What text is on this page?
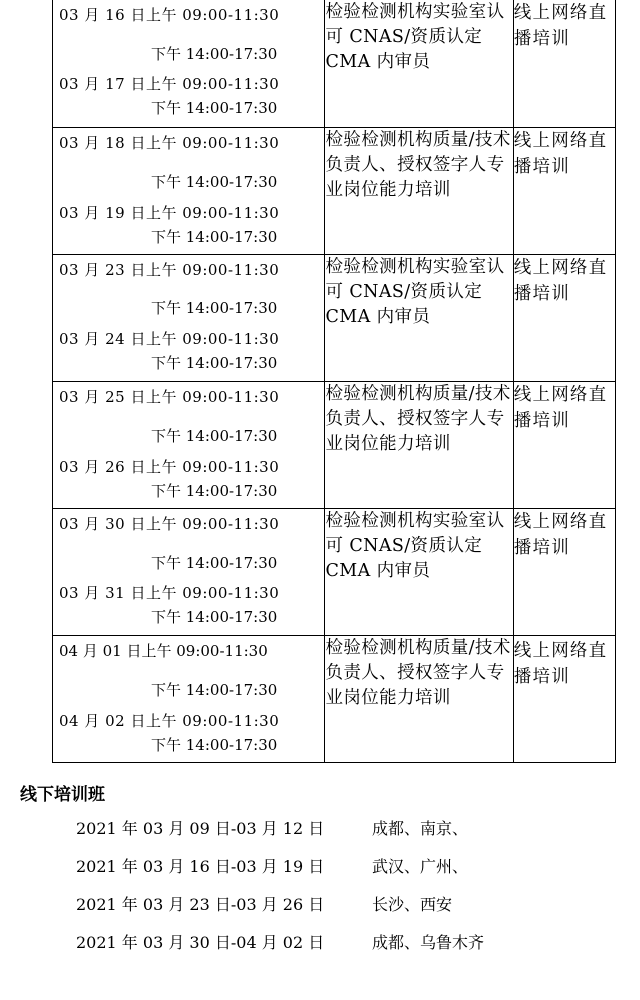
03 月 16 日上午 09:00-11:30
下午 14:00-17:30
03 月 17 日上午 09:00-11:30
下午 14:00-17:30	检验检测机构实验室认可 CNAS/资质认定 CMA 内审员	线上网络直播培训

03 月 18 日上午 09:00-11:30
下午 14:00-17:30
03 月 19 日上午 09:00-11:30
下午 14:00-17:30	检验检测机构质量/技术负责人、授权签字人专业岗位能力培训	线上网络直播培训

03 月 23 日上午 09:00-11:30
下午 14:00-17:30
03 月 24 日上午 09:00-11:30
下午 14:00-17:30	检验检测机构实验室认可 CNAS/资质认定 CMA 内审员	线上网络直播培训

03 月 25 日上午 09:00-11:30
下午 14:00-17:30
03 月 26 日上午 09:00-11:30
下午 14:00-17:30	检验检测机构质量/技术负责人、授权签字人专业岗位能力培训	线上网络直播培训

03 月 30 日上午 09:00-11:30
下午 14:00-17:30
03 月 31 日上午 09:00-11:30
下午 14:00-17:30	检验检测机构实验室认可 CNAS/资质认定 CMA 内审员	线上网络直播培训

04 月 01 日上午 09:00-11:30
下午 14:00-17:30
04 月 02 日上午 09:00-11:30
下午 14:00-17:30	检验检测机构质量/技术负责人、授权签字人专业岗位能力培训	线上网络直播培训
线下培训班
2021 年 03 月 09 日-03 月 12 日	成都、南京、
2021 年 03 月 16 日-03 月 19 日	武汉、广州、
2021 年 03 月 23 日-03 月 26 日	长沙、西安
2021 年 03 月 30 日-04 月 02 日	成都、乌鲁木齐
